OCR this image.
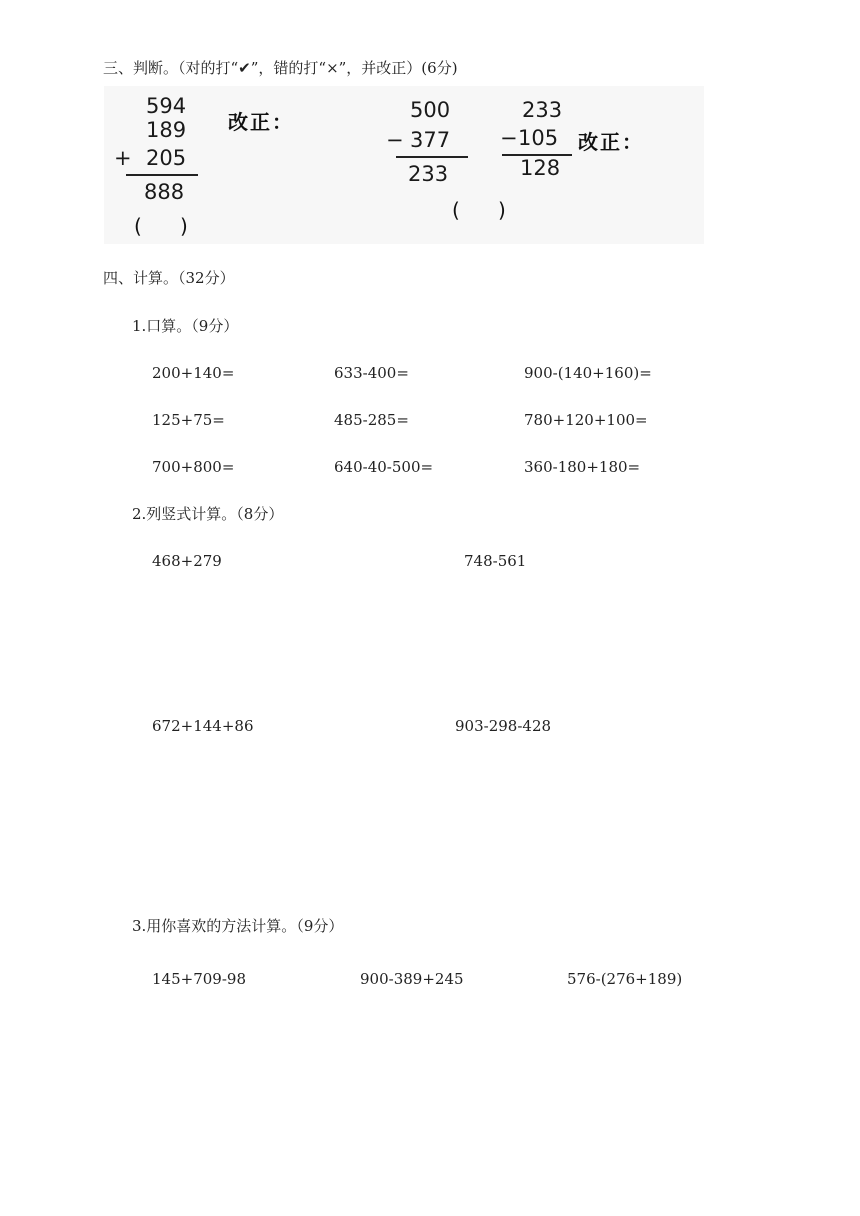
三、判断。（对的打“✔”，错的打“×”，并改正）(6分)
594
189
+ 205
888
(      )
改正：	500
− 377
233
(      )
233
− 105
128
改正：
四、计算。（32分）
1.口算。（9分）
200+140=	633-400=	900-(140+160)=
125+75=	485-285=	780+120+100=
700+800=	640-40-500=	360-180+180=
2.列竖式计算。（8分）
468+279	748-561
672+144+86	903-298-428
3.用你喜欢的方法计算。（9分）
145+709-98	900-389+245	576-(276+189)
